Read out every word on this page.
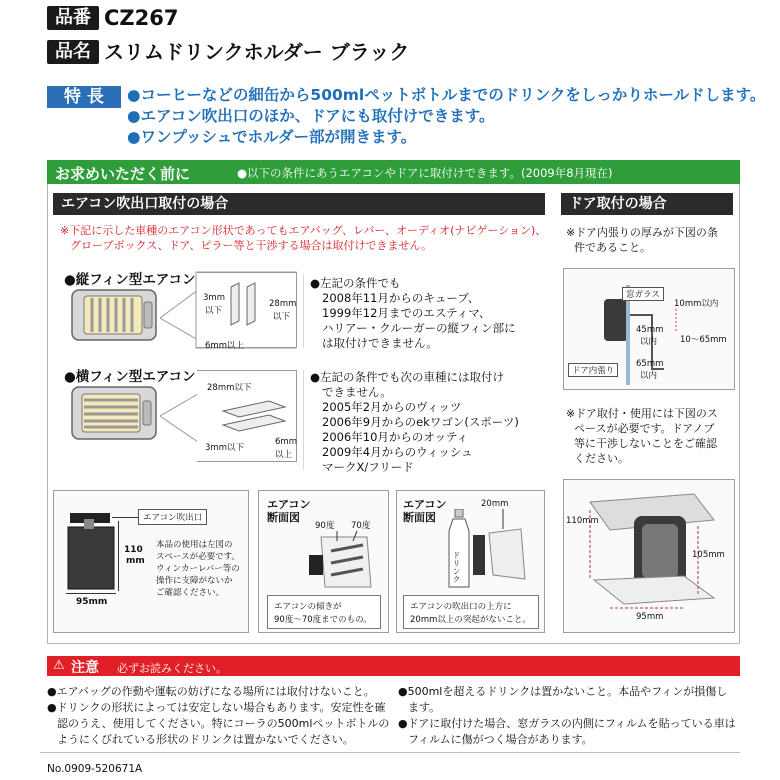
品番 CZ267
品名 スリムドリンクホルダー ブラック
特 長	●コーヒーなどの細缶から500mlペットボトルまでのドリンクをしっかりホールドします。
●エアコン吹出口のほか、ドアにも取付けできます。
●ワンプッシュでホルダー部が開きます。
お求めいただく前に	●以下の条件にあうエアコンやドアに取付けできます。(2009年8月現在)
エアコン吹出口取付の場合
※下記に示した車種のエアコン形状であってもエアバッグ、レバー、オーディオ(ナビゲーション)、
グローブボックス、ドア、ピラー等と干渉する場合は取付けできません。
●縦フィン型エアコン
3mm
以下
28mm
以下
6mm以上
●左記の条件でも
2008年11月からのキューブ、
1999年12月までのエスティマ、
ハリアー・クルーガーの縦フィン部に
は取付けできません。
●横フィン型エアコン
28mm以下
3mm以下
6mm
以上
●左記の条件でも次の車種には取付け
できません。
2005年2月からのヴィッツ
2006年9月からのekワゴン(スポーツ)
2006年10月からのオッティ
2009年4月からのウィッシュ
マークX/フリード
エアコン吹出口
110
mm
95mm
本品の使用は左図の
スペースが必要です。
ウィンカーレバー等の
操作に支障がないか
ご確認ください。
エアコン
断面図
90度 70度
エアコンの傾きが
90度〜70度までのもの。
エアコン
断面図
20mm
ドリンク
エアコンの吹出口の上方に
20mm以上の突起がないこと。
ドア取付の場合
※ドア内張りの厚みが下図の条
件であること。
窓ガラス
10mm以内
45mm
以内	10〜65mm
ドア内張り
65mm
以内
※ドア取付・使用には下図のス
ペースが必要です。ドアノブ
等に干渉しないことをご確認
ください。
110mm
105mm
95mm
⚠ 注意 必ずお読みください。
●エアバッグの作動や運転の妨げになる場所には取付けないこと。
●ドリンクの形状によっては安定しない場合もあります。安定性を確
認のうえ、使用してください。特にコーラの500mlペットボトルの
ようにくびれている形状のドリンクは置かないでください。
●500mlを超えるドリンクは置かないこと。本品やフィンが損傷し
ます。
●ドアに取付けた場合、窓ガラスの内側にフィルムを貼っている車は
フィルムに傷がつく場合があります。
No.0909-520671A
